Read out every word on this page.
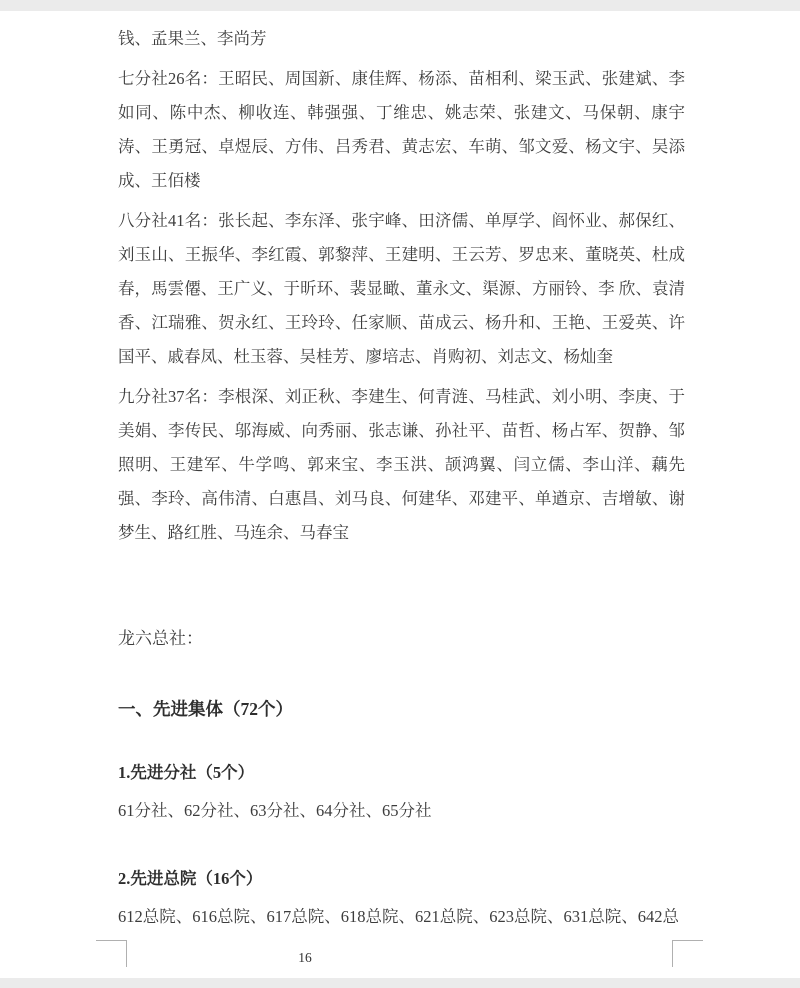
钱、孟果兰、李尚芳

七分社26名：王昭民、周国新、康佳辉、杨添、苗相利、梁玉武、张建斌、李如同、陈中杰、柳收连、韩强强、丁维忠、姚志荣、张建文、马保朝、康宇涛、王勇冠、卓煜辰、方伟、吕秀君、黄志宏、车萌、邹文爱、杨文宇、吴添成、王佰楼

八分社41名：张长起、李东泽、张宇峰、田济儒、单厚学、阎怀业、郝保红、刘玉山、王振华、李红霞、郭黎萍、王建明、王云芳、罗忠来、董晓英、杜成春，馬雲僊、王广义、于昕环、裴显瞰、董永文、渠源、方丽铃、李 欣、袁清香、江瑞雅、贺永红、王玲玲、任家顺、苗成云、杨升和、王艳、王爱英、许国平、戚春凤、杜玉蓉、吴桂芳、廖培志、肖购初、刘志文、杨灿奎

九分社37名：李根深、刘正秋、李建生、何青涟、马桂武、刘小明、李庚、于美娟、李传民、邬海威、向秀丽、张志谦、孙社平、苗哲、杨占军、贺静、邹照明、王建军、牛学鸣、郭来宝、李玉洪、颉鸿翼、闫立儒、李山洋、藕先强、李玲、高伟清、白惠昌、刘马良、何建华、邓建平、单遒京、吉增敏、谢梦生、路红胜、马连余、马春宝

龙六总社：

一、先进集体（72个）

1.先进分社（5个）

61分社、62分社、63分社、64分社、65分社

2.先进总院（16个）

612总院、616总院、617总院、618总院、621总院、623总院、631总院、642总

16
